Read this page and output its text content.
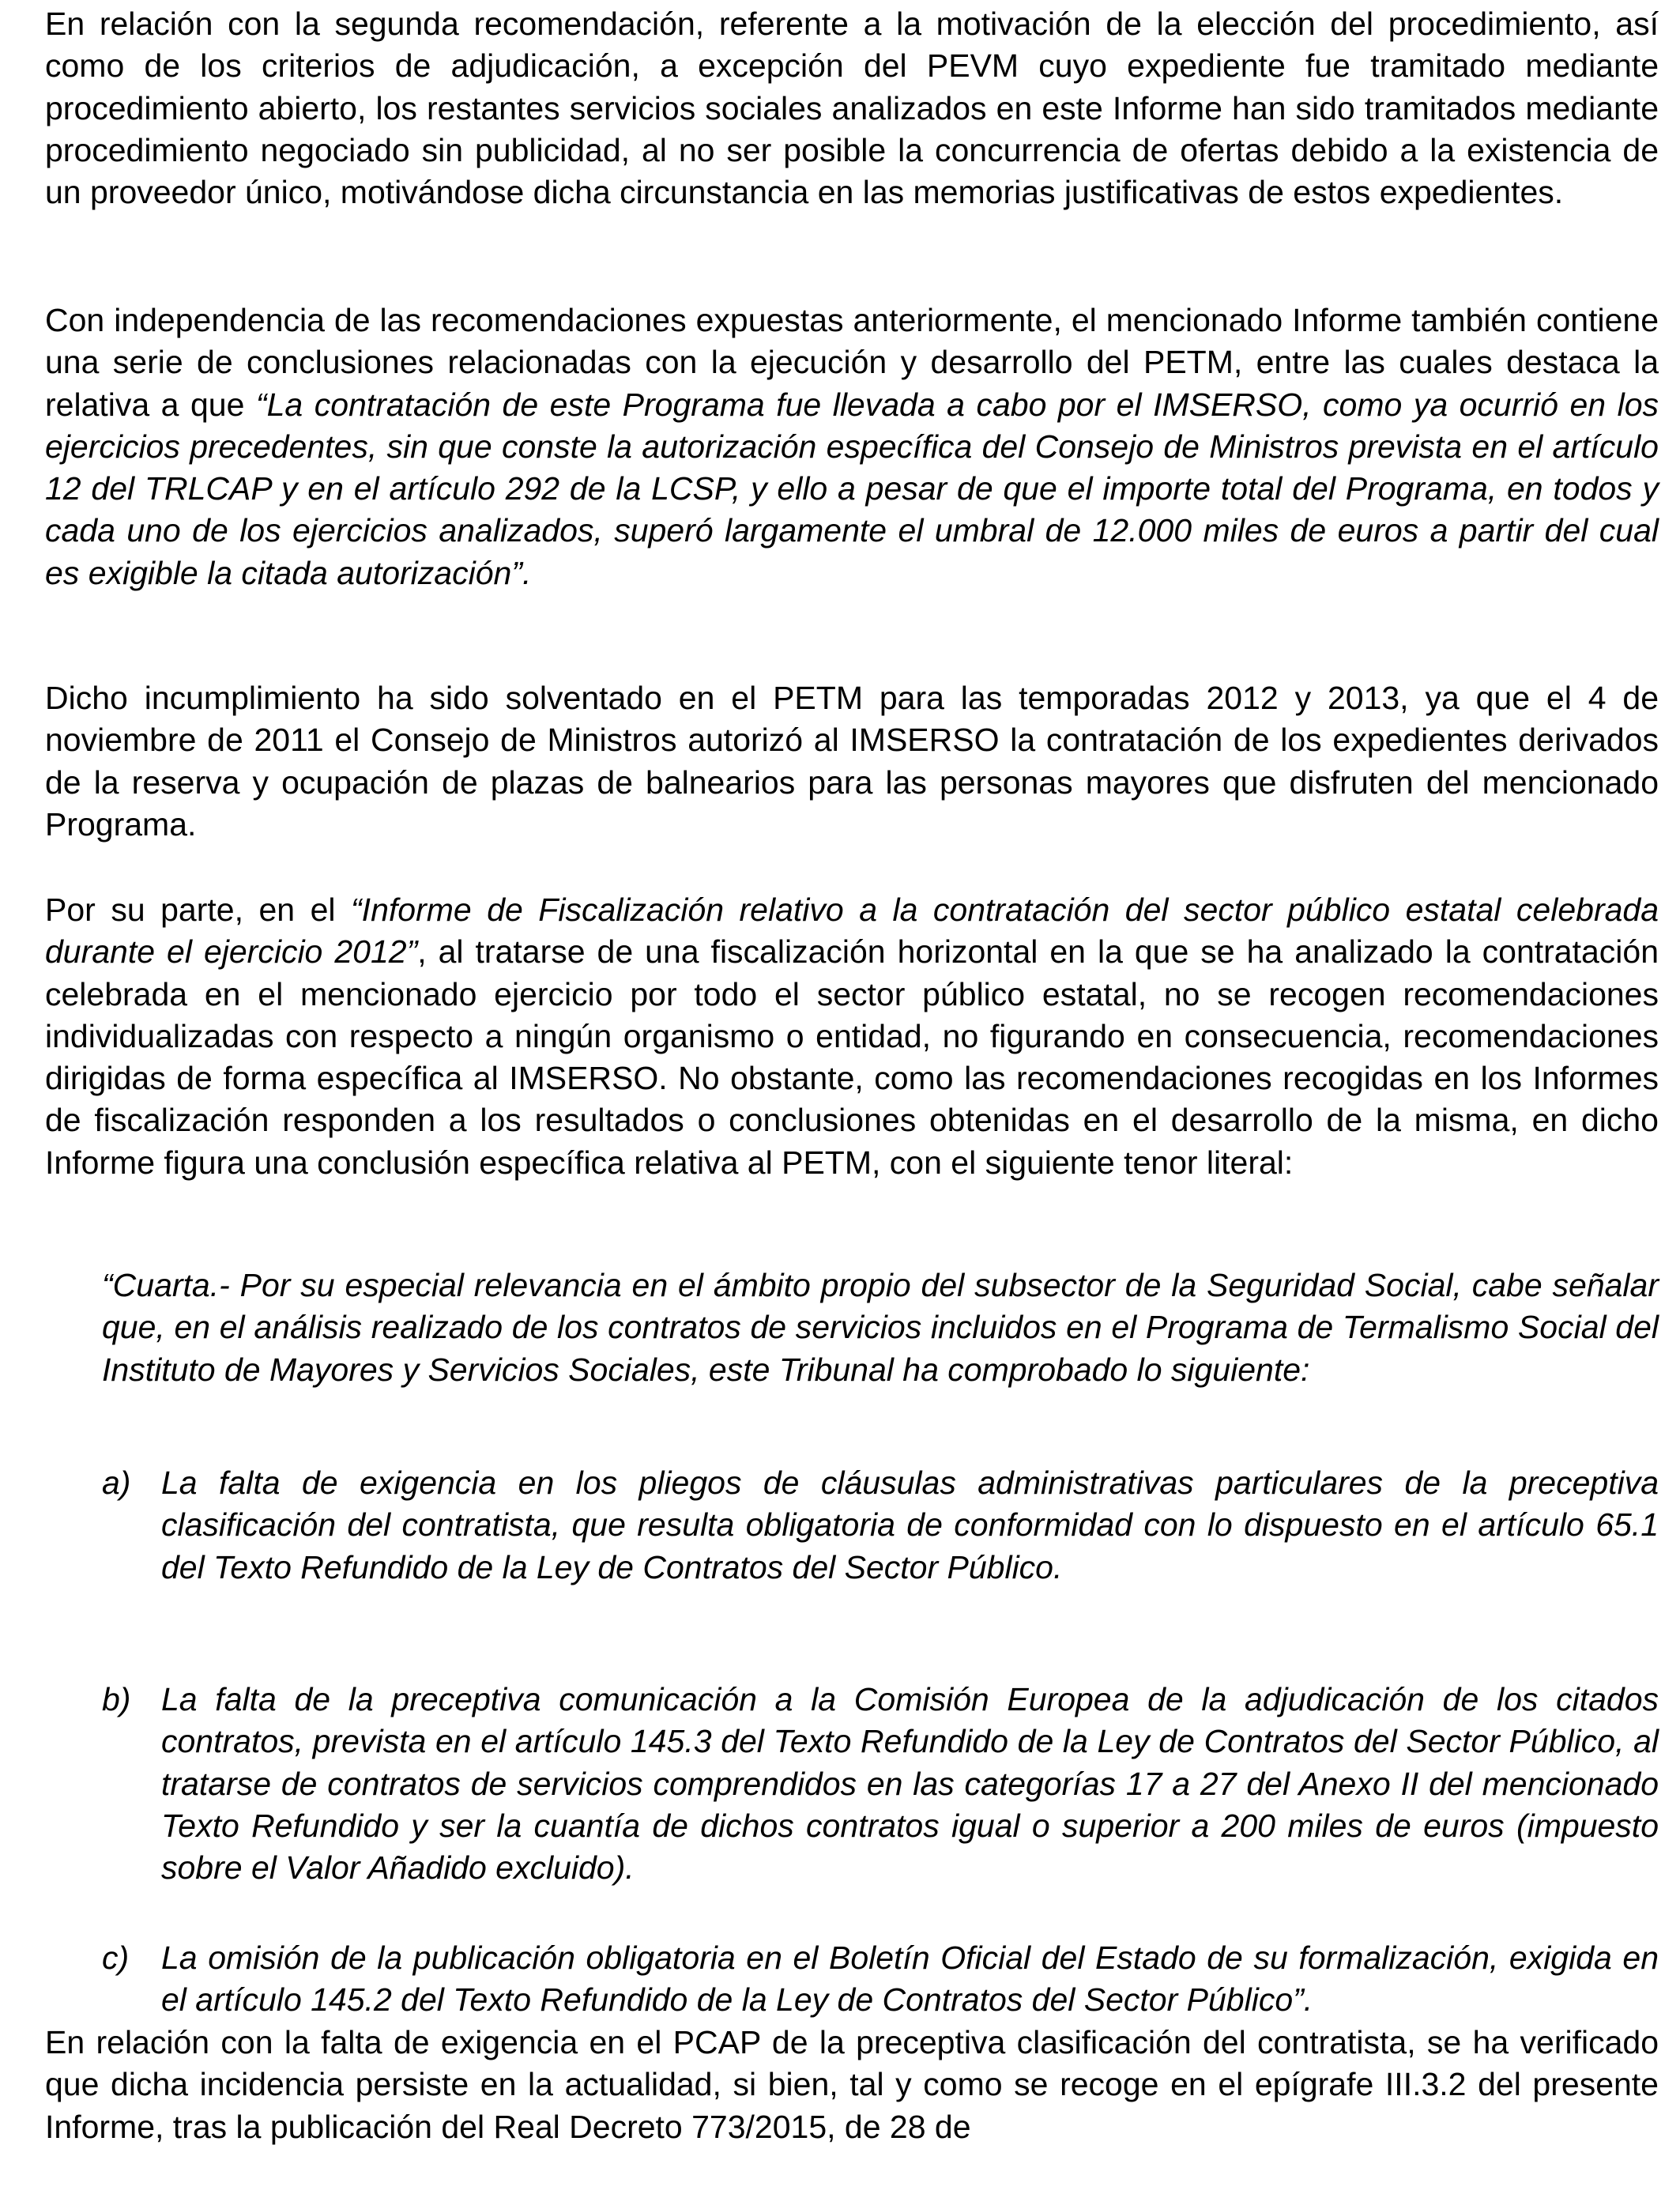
En relación con la segunda recomendación, referente a la motivación de la elección del procedimiento, así como de los criterios de adjudicación, a excepción del PEVM cuyo expediente fue tramitado mediante procedimiento abierto, los restantes servicios sociales analizados en este Informe han sido tramitados mediante procedimiento negociado sin publicidad, al no ser posible la concurrencia de ofertas debido a la existencia de un proveedor único, motivándose dicha circunstancia en las memorias justificativas de estos expedientes.

Con independencia de las recomendaciones expuestas anteriormente, el mencionado Informe también contiene una serie de conclusiones relacionadas con la ejecución y desarrollo del PETM, entre las cuales destaca la relativa a que “La contratación de este Programa fue llevada a cabo por el IMSERSO, como ya ocurrió en los ejercicios precedentes, sin que conste la autorización específica del Consejo de Ministros prevista en el artículo 12 del TRLCAP y en el artículo 292 de la LCSP, y ello a pesar de que el importe total del Programa, en todos y cada uno de los ejercicios analizados, superó largamente el umbral de 12.000 miles de euros a partir del cual es exigible la citada autorización”.

Dicho incumplimiento ha sido solventado en el PETM para las temporadas 2012 y 2013, ya que el 4 de noviembre de 2011 el Consejo de Ministros autorizó al IMSERSO la contratación de los expedientes derivados de la reserva y ocupación de plazas de balnearios para las personas mayores que disfruten del mencionado Programa.

Por su parte, en el “Informe de Fiscalización relativo a la contratación del sector público estatal celebrada durante el ejercicio 2012”, al tratarse de una fiscalización horizontal en la que se ha analizado la contratación celebrada en el mencionado ejercicio por todo el sector público estatal, no se recogen recomendaciones individualizadas con respecto a ningún organismo o entidad, no figurando en consecuencia, recomendaciones dirigidas de forma específica al IMSERSO. No obstante, como las recomendaciones recogidas en los Informes de fiscalización responden a los resultados o conclusiones obtenidas en el desarrollo de la misma, en dicho Informe figura una conclusión específica relativa al PETM, con el siguiente tenor literal:

“Cuarta.- Por su especial relevancia en el ámbito propio del subsector de la Seguridad Social, cabe señalar que, en el análisis realizado de los contratos de servicios incluidos en el Programa de Termalismo Social del Instituto de Mayores y Servicios Sociales, este Tribunal ha comprobado lo siguiente:

a) La falta de exigencia en los pliegos de cláusulas administrativas particulares de la preceptiva clasificación del contratista, que resulta obligatoria de conformidad con lo dispuesto en el artículo 65.1 del Texto Refundido de la Ley de Contratos del Sector Público.

b) La falta de la preceptiva comunicación a la Comisión Europea de la adjudicación de los citados contratos, prevista en el artículo 145.3 del Texto Refundido de la Ley de Contratos del Sector Público, al tratarse de contratos de servicios comprendidos en las categorías 17 a 27 del Anexo II del mencionado Texto Refundido y ser la cuantía de dichos contratos igual o superior a 200 miles de euros (impuesto sobre el Valor Añadido excluido).

c) La omisión de la publicación obligatoria en el Boletín Oficial del Estado de su formalización, exigida en el artículo 145.2 del Texto Refundido de la Ley de Contratos del Sector Público”.

En relación con la falta de exigencia en el PCAP de la preceptiva clasificación del contratista, se ha verificado que dicha incidencia persiste en la actualidad, si bien, tal y como se recoge en el epígrafe III.3.2 del presente Informe, tras la publicación del Real Decreto 773/2015, de 28 de
